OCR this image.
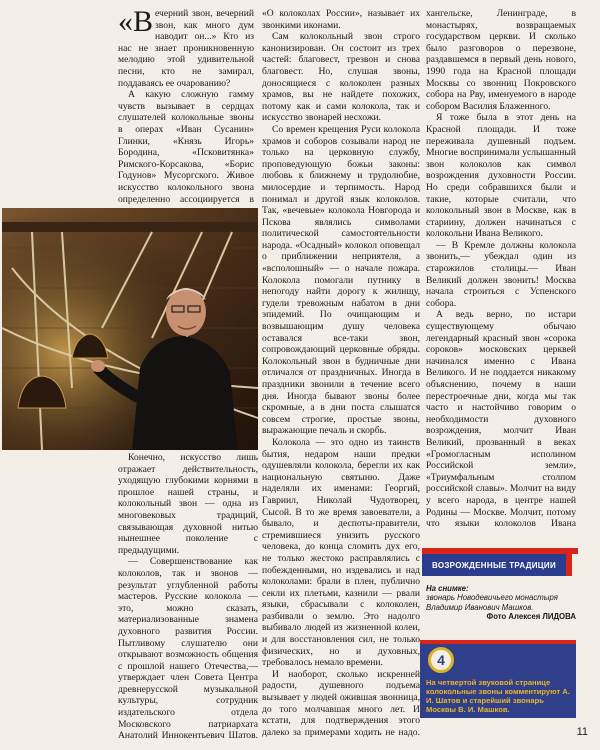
«Вечерний звон, вечерний звон, как много дум наводит он...» Кто из нас не знает проникновенную мелодию этой удивительной песни, кто не замирал, поддаваясь ее очарованию?

А какую сложную гамму чувств вызывает в сердцах слушателей колокольные звоны в операх «Иван Сусанин» Глинки, «Князь Игорь» Бородина, «Псковитянка» Римского-Корсакова, «Борис Годунов» Мусоргского. Живое искусство колокольного звона определенно ассоциируется в

Конечно, искусство лишь отражает действительность, уходящую глубокими корнями в прошлое нашей страны, и колокольный звон — одна из многовековых традиций, связывающая духовной нитью нынешнее поколение с предыдущими.

— Совершенствование как колоколов, так и звонов — результат углубленной работы мастеров. Русские колокола — это, можно сказать, материализованные знамена духовного развития России. Пытливому слушателю они открывают возможность общения с прошлой нашего Отечества,— утверждает член Совета Центра древнерусской музыкальной культуры, сотрудник издательского отдела Московского патриархата Анатолий Иннокентьевич Шатов.

«О колоколах России», называет их звонкими иконами.

Сам колокольный звон строго канонизирован. Он состоит из трех частей: благовест, трезвон и снова благовест. Но, слушая звоны, доносящиеся с колоколен разных храмов, вы не найдете похожих, потому как и сами колокола, так и искусство звонарей несхожи.

Со времен крещения Руси колокола храмов и соборов созывали народ не только на церковную службу, проповедующую божьи законы: любовь к ближнему и трудолюбие, милосердие и терпимость. Народ понимал и другой язык колоколов. Так, «вечевые» колокола Новгорода и Пскова являлись символами политической самостоятельности народа. «Осадный» колокол оповещал о приближении неприятеля, а «всполошный» — о начале пожара. Колокола помогали путнику в непогоду найти дорогу к жилищу, гудели тревожным набатом в дни эпидемий. По очищающим и возвышающим душу человека оставался все-таки звон, сопровождающий церковные обряды. Колокольный звон в будничные дни отличался от праздничных. Иногда в праздники звонили в течение всего дня. Иногда бывают звоны более скромные, а в дни поста слышатся совсем строгие, простые звоны, выражающие печаль и скорбь.

Колокола — это одно из таинств бытия, недаром наши предки одушевляли колокола, берегли их как национальную святыню. Даже наделяли их именами: Георгий, Гавриил, Николай Чудотворец, Сысой. В то же время завоеватели, а бывало, и деспоты-правители, стремившиеся унизить русского человека, до конца сломить дух его, не только жестоко расправлялись с побежденными, но издевались и над колоколами: брали в плен, публично секли их плетьми, казнили — рвали языки, сбрасывали с колоколен, разбивали о землю. Это надолго выбивало людей из жизненной колеи, и для восстановления сил, не только физических, но и духовных, требовалось немало времени.

И наоборот, сколько искренней радости, душевного подъема вызывает у людей ожившая звонница, до того молчавшая много лет. И кстати, для подтверждения этого далеко за примерами ходить не надо.

хангельске, Ленинграде, в монастырях, возвращаемых государством церкви. И сколько было разговоров о перезвоне, раздавшемся в первый день нового, 1990 года на Красной площади Москвы со звонниц Покровского собора на Рву, именуемого в народе собором Василия Блаженного.

Я тоже была в этот день на Красной площади. И тоже переживала душевный подъем. Многие воспринимали услышанный звон колоколов как символ возрождения духовности России. Но среди собравшихся были и такие, которые считали, что колокольный звон в Москве, как в стариину, должен начинаться с колокольни Ивана Великого.

— В Кремле должны колокола звонить,— убеждал один из старожилов столицы.— Иван Великий должен звонить! Москва начала строиться с Успенского собора.

А ведь верно, по истари существующему обычаю легендарный красный звон «сорока сороков» московских церквей начинался именно с Ивана Великого. И не поддается никакому объяснению, почему в наши перестроечные дни, когда мы так часто и настойчиво говорим о необходимости духовного возрождения, молчит Иван Великий, прозванный в веках «Громогласным исполином Российской земли», «Триумфальным столпом российской славы». Молчит на виду у всего народа, в центре нашей Родины — Москве. Молчит, потому что языки колоколов Ивана

ВОЗРОЖДЕННЫЕ ТРАДИЦИИ
На снимке:
звонарь Новодевичьего монастыря
Владимир Иванович Машков.
Фото Алексея ЛИДОВА
4
На четвертой звуковой странице колокольные звоны комментируют А. И. Шатов и старейший звонарь Москвы В. И. Машков.
11
